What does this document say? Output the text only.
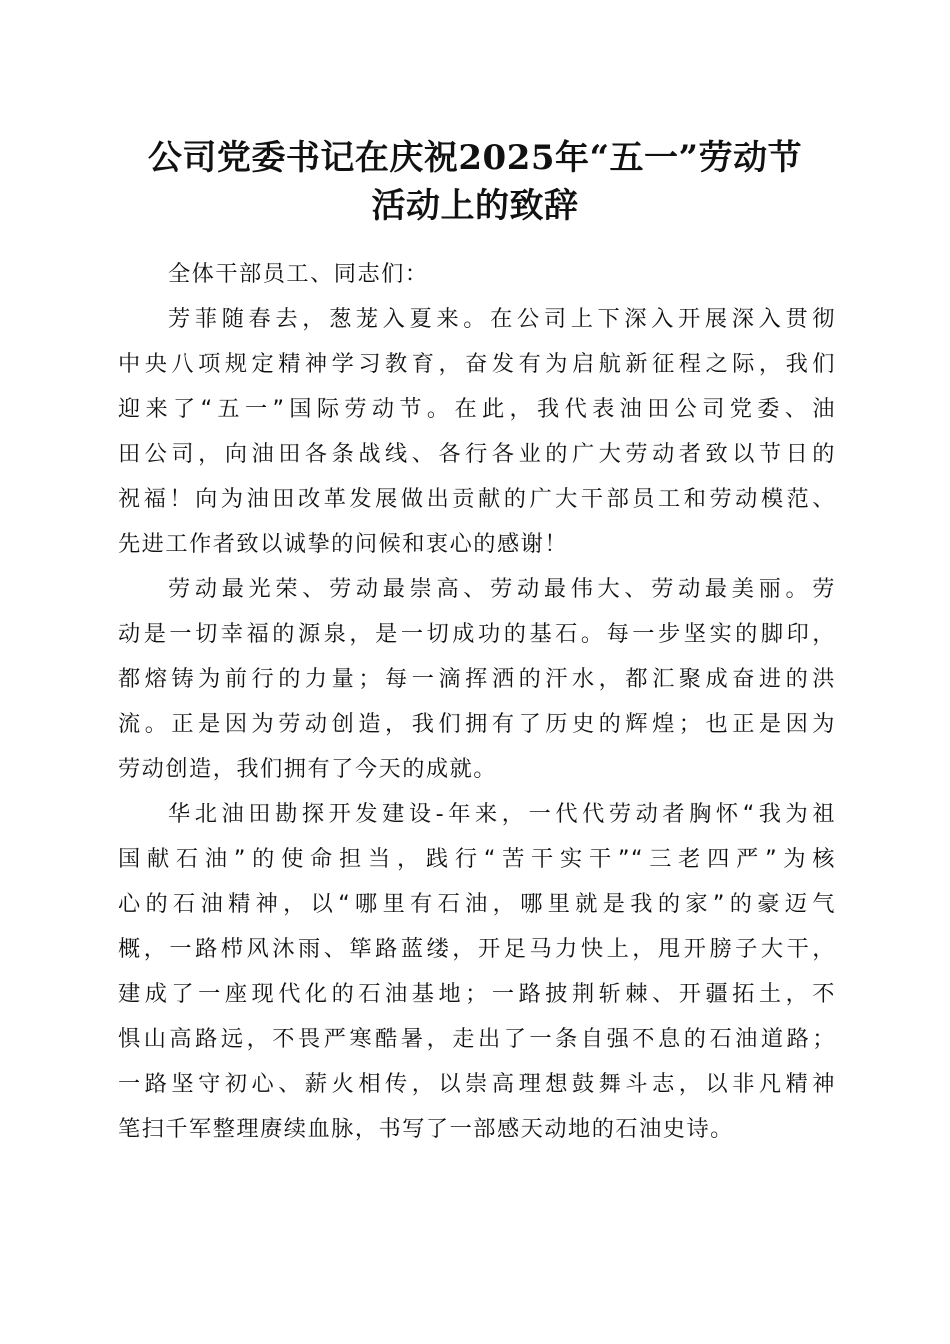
公司党委书记在庆祝2025年“五一”劳动节
活动上的致辞
全体干部员工、同志们：
芳菲随春去，葱茏入夏来。在公司上下深入开展深入贯彻
中央八项规定精神学习教育，奋发有为启航新征程之际，我们
迎来了“五一”国际劳动节。在此，我代表油田公司党委、油
田公司，向油田各条战线、各行各业的广大劳动者致以节日的
祝福！向为油田改革发展做出贡献的广大干部员工和劳动模范、
先进工作者致以诚挚的问候和衷心的感谢！
劳动最光荣、劳动最崇高、劳动最伟大、劳动最美丽。劳
动是一切幸福的源泉，是一切成功的基石。每一步坚实的脚印，
都熔铸为前行的力量；每一滴挥洒的汗水，都汇聚成奋进的洪
流。正是因为劳动创造，我们拥有了历史的辉煌；也正是因为
劳动创造，我们拥有了今天的成就。
华北油田勘探开发建设-年来，一代代劳动者胸怀“我为祖
国献石油”的使命担当，践行“苦干实干”“三老四严”为核
心的石油精神，以“哪里有石油，哪里就是我的家”的豪迈气
概，一路栉风沐雨、筚路蓝缕，开足马力快上，甩开膀子大干，
建成了一座现代化的石油基地；一路披荆斩棘、开疆拓土，不
惧山高路远，不畏严寒酷暑，走出了一条自强不息的石油道路；
一路坚守初心、薪火相传，以崇高理想鼓舞斗志，以非凡精神
笔扫千军整理赓续血脉，书写了一部感天动地的石油史诗。
